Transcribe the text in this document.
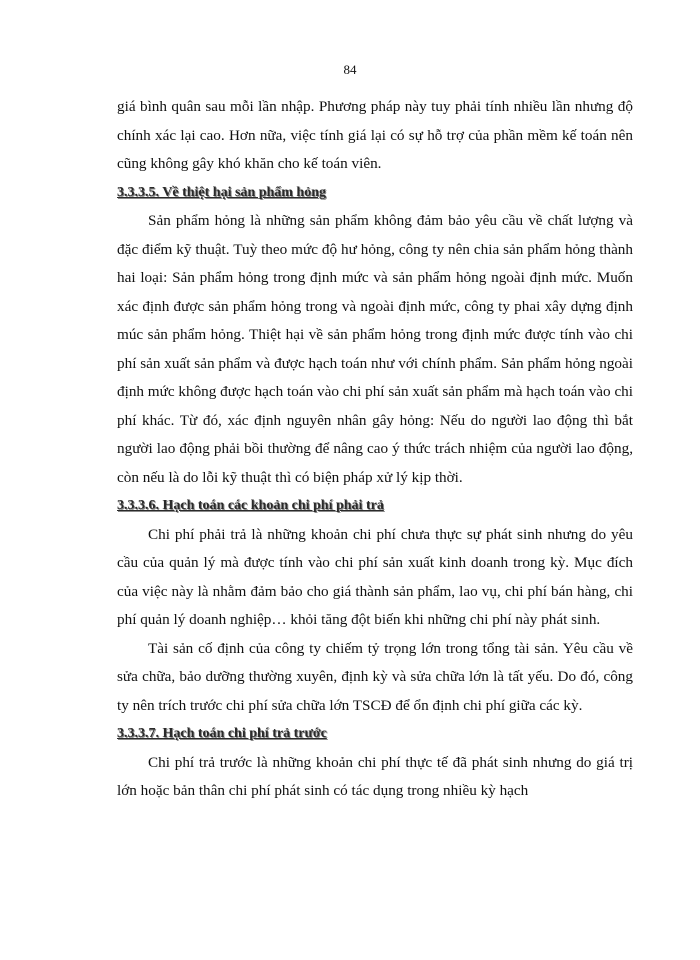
84

giá bình quân sau mỗi lần nhập. Phương pháp này tuy phải tính nhiều lần nhưng độ chính xác lại cao. Hơn nữa, việc tính giá lại có sự hỗ trợ của phần mềm kế toán nên cũng không gây khó khăn cho kế toán viên.

3.3.3.5. Về thiệt hại sản phẩm hỏng

Sản phẩm hỏng là những sản phẩm không đảm bảo yêu cầu về chất lượng và đặc điểm kỹ thuật. Tuỳ theo mức độ hư hỏng, công ty nên chia sản phẩm hỏng thành hai loại: Sản phẩm hỏng trong định mức và sản phẩm hỏng ngoài định mức. Muốn xác định được sản phẩm hỏng trong và ngoài định mức, công ty phai xây dựng định múc sản phẩm hỏng. Thiệt hại về sản phẩm hỏng trong định mức được tính vào chi phí sản xuất sản phẩm và được hạch toán như với chính phẩm. Sản phẩm hỏng ngoài định mức không được hạch toán vào chi phí sản xuất sản phẩm mà hạch toán vào chi phí khác. Từ đó, xác định nguyên nhân gây hỏng: Nếu do người lao động thì bắt người lao động phải bồi thường để nâng cao ý thức trách nhiệm của người lao động, còn nếu là do lỗi kỹ thuật thì có biện pháp xử lý kịp thời.

3.3.3.6. Hạch toán các khoản chi phí phải trả

Chi phí phải trả là những khoản chi phí chưa thực sự phát sinh nhưng do yêu cầu của quản lý mà được tính vào chi phí sản xuất kinh doanh trong kỳ. Mục đích của việc này là nhằm đảm bảo cho giá thành sản phẩm, lao vụ, chi phí bán hàng, chi phí quản lý doanh nghiệp… khỏi tăng đột biến khi những chi phí này phát sinh.

Tài sản cố định của công ty chiếm tỷ trọng lớn trong tổng tài sản. Yêu cầu về sửa chữa, bảo dưỡng thường xuyên, định kỳ và sửa chữa lớn là tất yếu. Do đó, công ty nên trích trước chi phí sửa chữa lớn TSCĐ để ổn định chi phí giữa các kỳ.

3.3.3.7. Hạch toán chi phí trả trước

Chi phí trả trước là những khoản chi phí thực tế đã phát sinh nhưng do giá trị lớn hoặc bản thân chi phí phát sinh có tác dụng trong nhiều kỳ hạch
